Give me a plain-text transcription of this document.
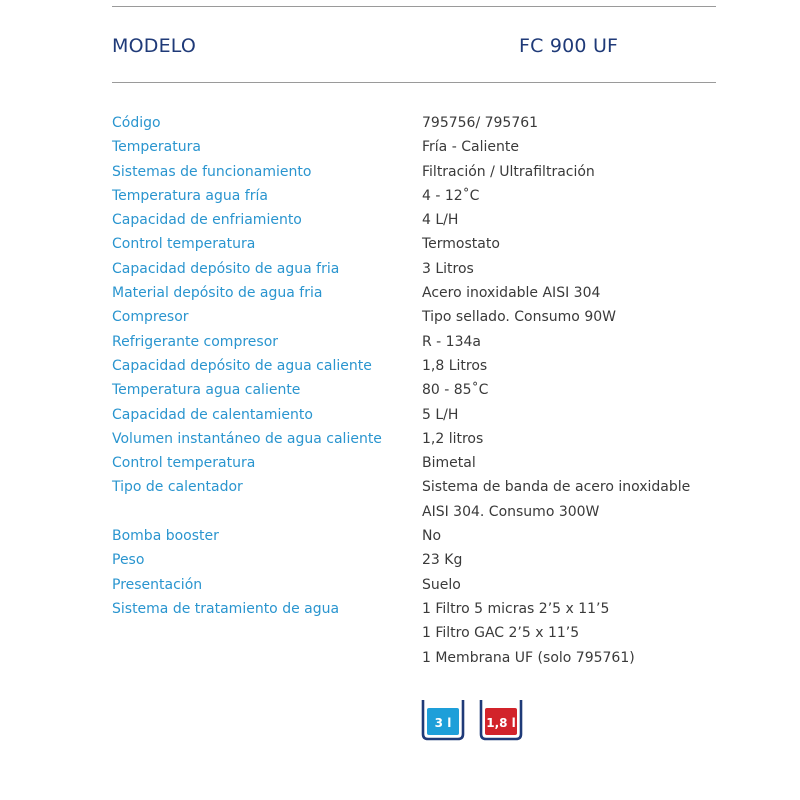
MODELO	FC 900 UF
Código	795756/ 795761
Temperatura	Fría - Caliente
Sistemas de funcionamiento	Filtración / Ultrafiltración
Temperatura agua fría	4 - 12˚C
Capacidad de enfriamiento	4 L/H
Control temperatura	Termostato
Capacidad depósito de agua fria	3 Litros
Material depósito de agua fria	Acero inoxidable AISI 304
Compresor	Tipo sellado. Consumo 90W
Refrigerante compresor	R - 134a
Capacidad depósito de agua caliente	1,8 Litros
Temperatura agua caliente	80 - 85˚C
Capacidad de calentamiento	5 L/H
Volumen instantáneo de agua caliente	1,2 litros
Control temperatura	Bimetal
Tipo de calentador	Sistema de banda de acero inoxidable
AISI 304. Consumo 300W
Bomba booster	No
Peso	23 Kg
Presentación	Suelo
Sistema de tratamiento de agua	1 Filtro 5 micras 2’5 x 11’5
1 Filtro GAC 2’5 x 11’5
1 Membrana UF (solo 795761)
3 l	1,8 l
